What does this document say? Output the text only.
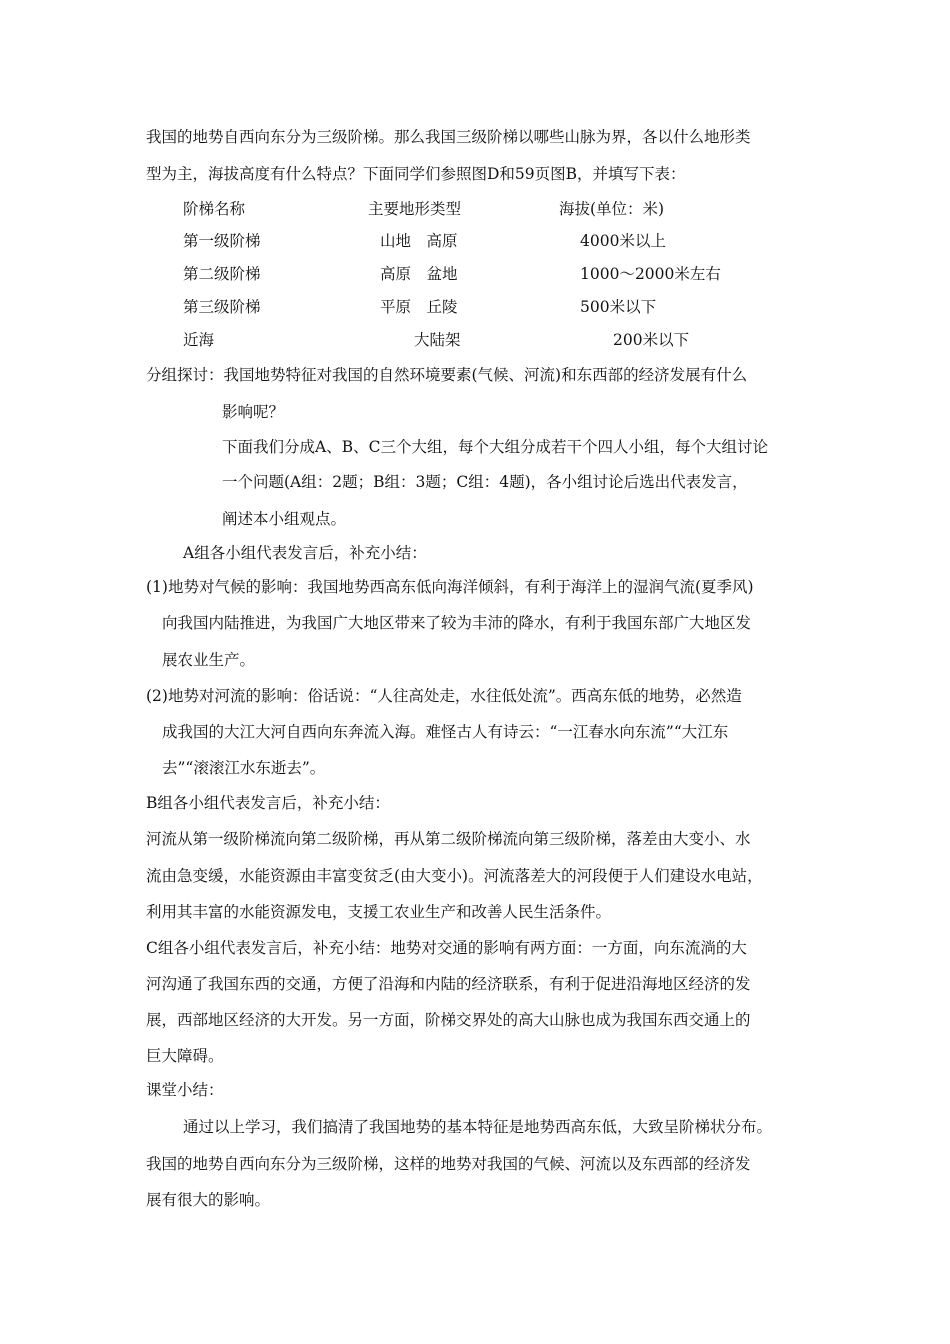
我国的地势自西向东分为三级阶梯。那么我国三级阶梯以哪些山脉为界，各以什么地形类
型为主，海拔高度有什么特点？下面同学们参照图D和59页图B，并填写下表：
阶梯名称	主要地形类型	海拔(单位：米)
第一级阶梯	山地　高原	4000米以上
第二级阶梯	高原　盆地	1000～2000米左右
第三级阶梯	平原　丘陵	500米以下
近海	大陆架	200米以下
分组探讨：我国地势特征对我国的自然环境要素(气候、河流)和东西部的经济发展有什么
影响呢？
下面我们分成A、B、C三个大组，每个大组分成若干个四人小组，每个大组讨论
一个问题(A组：2题；B组：3题；C组：4题)，各小组讨论后选出代表发言，
阐述本小组观点。
A组各小组代表发言后，补充小结：
(1)地势对气候的影响：我国地势西高东低向海洋倾斜，有利于海洋上的湿润气流(夏季风)
向我国内陆推进，为我国广大地区带来了较为丰沛的降水，有利于我国东部广大地区发
展农业生产。
(2)地势对河流的影响：俗话说：“人往高处走，水往低处流”。西高东低的地势，必然造
成我国的大江大河自西向东奔流入海。难怪古人有诗云：“一江春水向东流”“大江东
去”“滚滚江水东逝去”。
B组各小组代表发言后，补充小结：
河流从第一级阶梯流向第二级阶梯，再从第二级阶梯流向第三级阶梯，落差由大变小、水
流由急变缓，水能资源由丰富变贫乏(由大变小)。河流落差大的河段便于人们建设水电站，
利用其丰富的水能资源发电，支援工农业生产和改善人民生活条件。
C组各小组代表发言后，补充小结：地势对交通的影响有两方面：一方面，向东流淌的大
河沟通了我国东西的交通，方便了沿海和内陆的经济联系，有利于促进沿海地区经济的发
展，西部地区经济的大开发。另一方面，阶梯交界处的高大山脉也成为我国东西交通上的
巨大障碍。
课堂小结：
通过以上学习，我们搞清了我国地势的基本特征是地势西高东低，大致呈阶梯状分布。
我国的地势自西向东分为三级阶梯，这样的地势对我国的气候、河流以及东西部的经济发
展有很大的影响。
